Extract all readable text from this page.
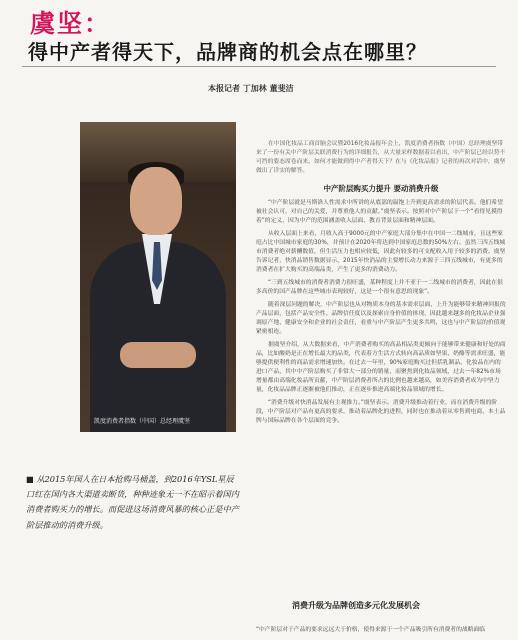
虞坚：
得中产者得天下，品牌商的机会点在哪里？
本报记者 丁加林 董斐洁
凯度消费者指数（中国）总经理虞坚
■ 从2015年国人在日本抢购马桶盖，到2016年YSL星辰口红在国内各大渠道卖断货，种种迹象无一不在昭示着国内消费者购买力的增长。而促进这场消费风暴的核心正是中产阶层推动的消费升级。

在中国化妆品工商首脑会议暨2016化妆品报年会上，凯度消费者指数（中国）总经理虞坚带来了一份有关中产阶层关联消费行为的详细报告，从大量采样数据着以看出，中产阶层已经以势不可挡的姿态席卷而来。如何才能做到得中产者得天下？在与《化妆品报》记者的再次对话中，虞坚做出了详实的解答。

中产阶层购买力提升 要动消费升级

“中产阶层就是马斯洛人性需求中所讲的从底部的温饱上升到更高需求的阶层代表。他们希望被社会认可，对自己的关爱，并尊重他人的贡献。”虞坚表示。按照对中产阶层下一个“看得见摸得着”的定义，因为中产的范围涵盖收入层面、教育背景层面和精神层面。

从收入层面上来看，月收入高于9000元的中产家庭大部分集中在中国一二线城市，且这些家庭占比中国城市家庭的30%，并预计在2020年将达到中国家庭总数的50%左右。虽然三四五线城市消费者绝对薪酬数值，但生活压力也相应较低，因此有较多的可支配收入用于较多的消费。虞坚告诉记者，快消品销售数据显示，2015年快消品的主要增长动力来源于三四五线城市，有更多的消费者在扩大购买的高端品类，产生了更多的消费动力。

“三到五线城市的消费者消费力很旺盛，某种程度上并不亚于一二线城市的消费者，因此在很多高价的国产品牌在这些城市表现较好，这是一个很有意思的现象”。

随着深层问题的解决，中产阶层也从对物质本身的基本需求层面，上升为能够带来精神回报的产品层面，包括产品安全性、品牌信任度以及探索自身价值的体现，因此越来越多的化妆品企业强调原产地、健康安全和企业的社会责任，看重与中产阶层产生更多共鸣，这也与中产阶层的价值观紧密相连。

据虞坚介绍，从大数据来看，中产消费者购买的高品相品类更倾向于能够带来健康和好处的商品，比如酸奶是正在增长最大的品类，代表着方生活方式转向高品质如坚果、奶酪等需求旺盛，能够提供便利性的商品需求增速加快。在过去一年里，90%家庭购买过但括乳制品、化妆品在内的进口产品，其中中产阶层购买了非常大一部分的销量，而聚焦到化妆品领域，过去一年82%市场增量都由高端化妆品所贡献，中产阶层消费者所占的比例也越来越高，如美容消费者成为中坚力量，化妆品品牌正逐渐被他们推动，正在逐步推进高端化妆品领域的增长。

“消费升级对快消品发展有主观推力。”虞坚表示。消费升级推动着行业，而在消费升级的阶段，中产阶层对产品有更高的要求，推动着品牌化的进程，同时也在推动着从零售到电商、本土品牌与国际品牌在各个层面的竞争。

消费升级为品牌创造多元化发展机会
“中产阶层对于产品的要求远远大于价格，使得来源于一个产品吸引所有消费者的战略面临
